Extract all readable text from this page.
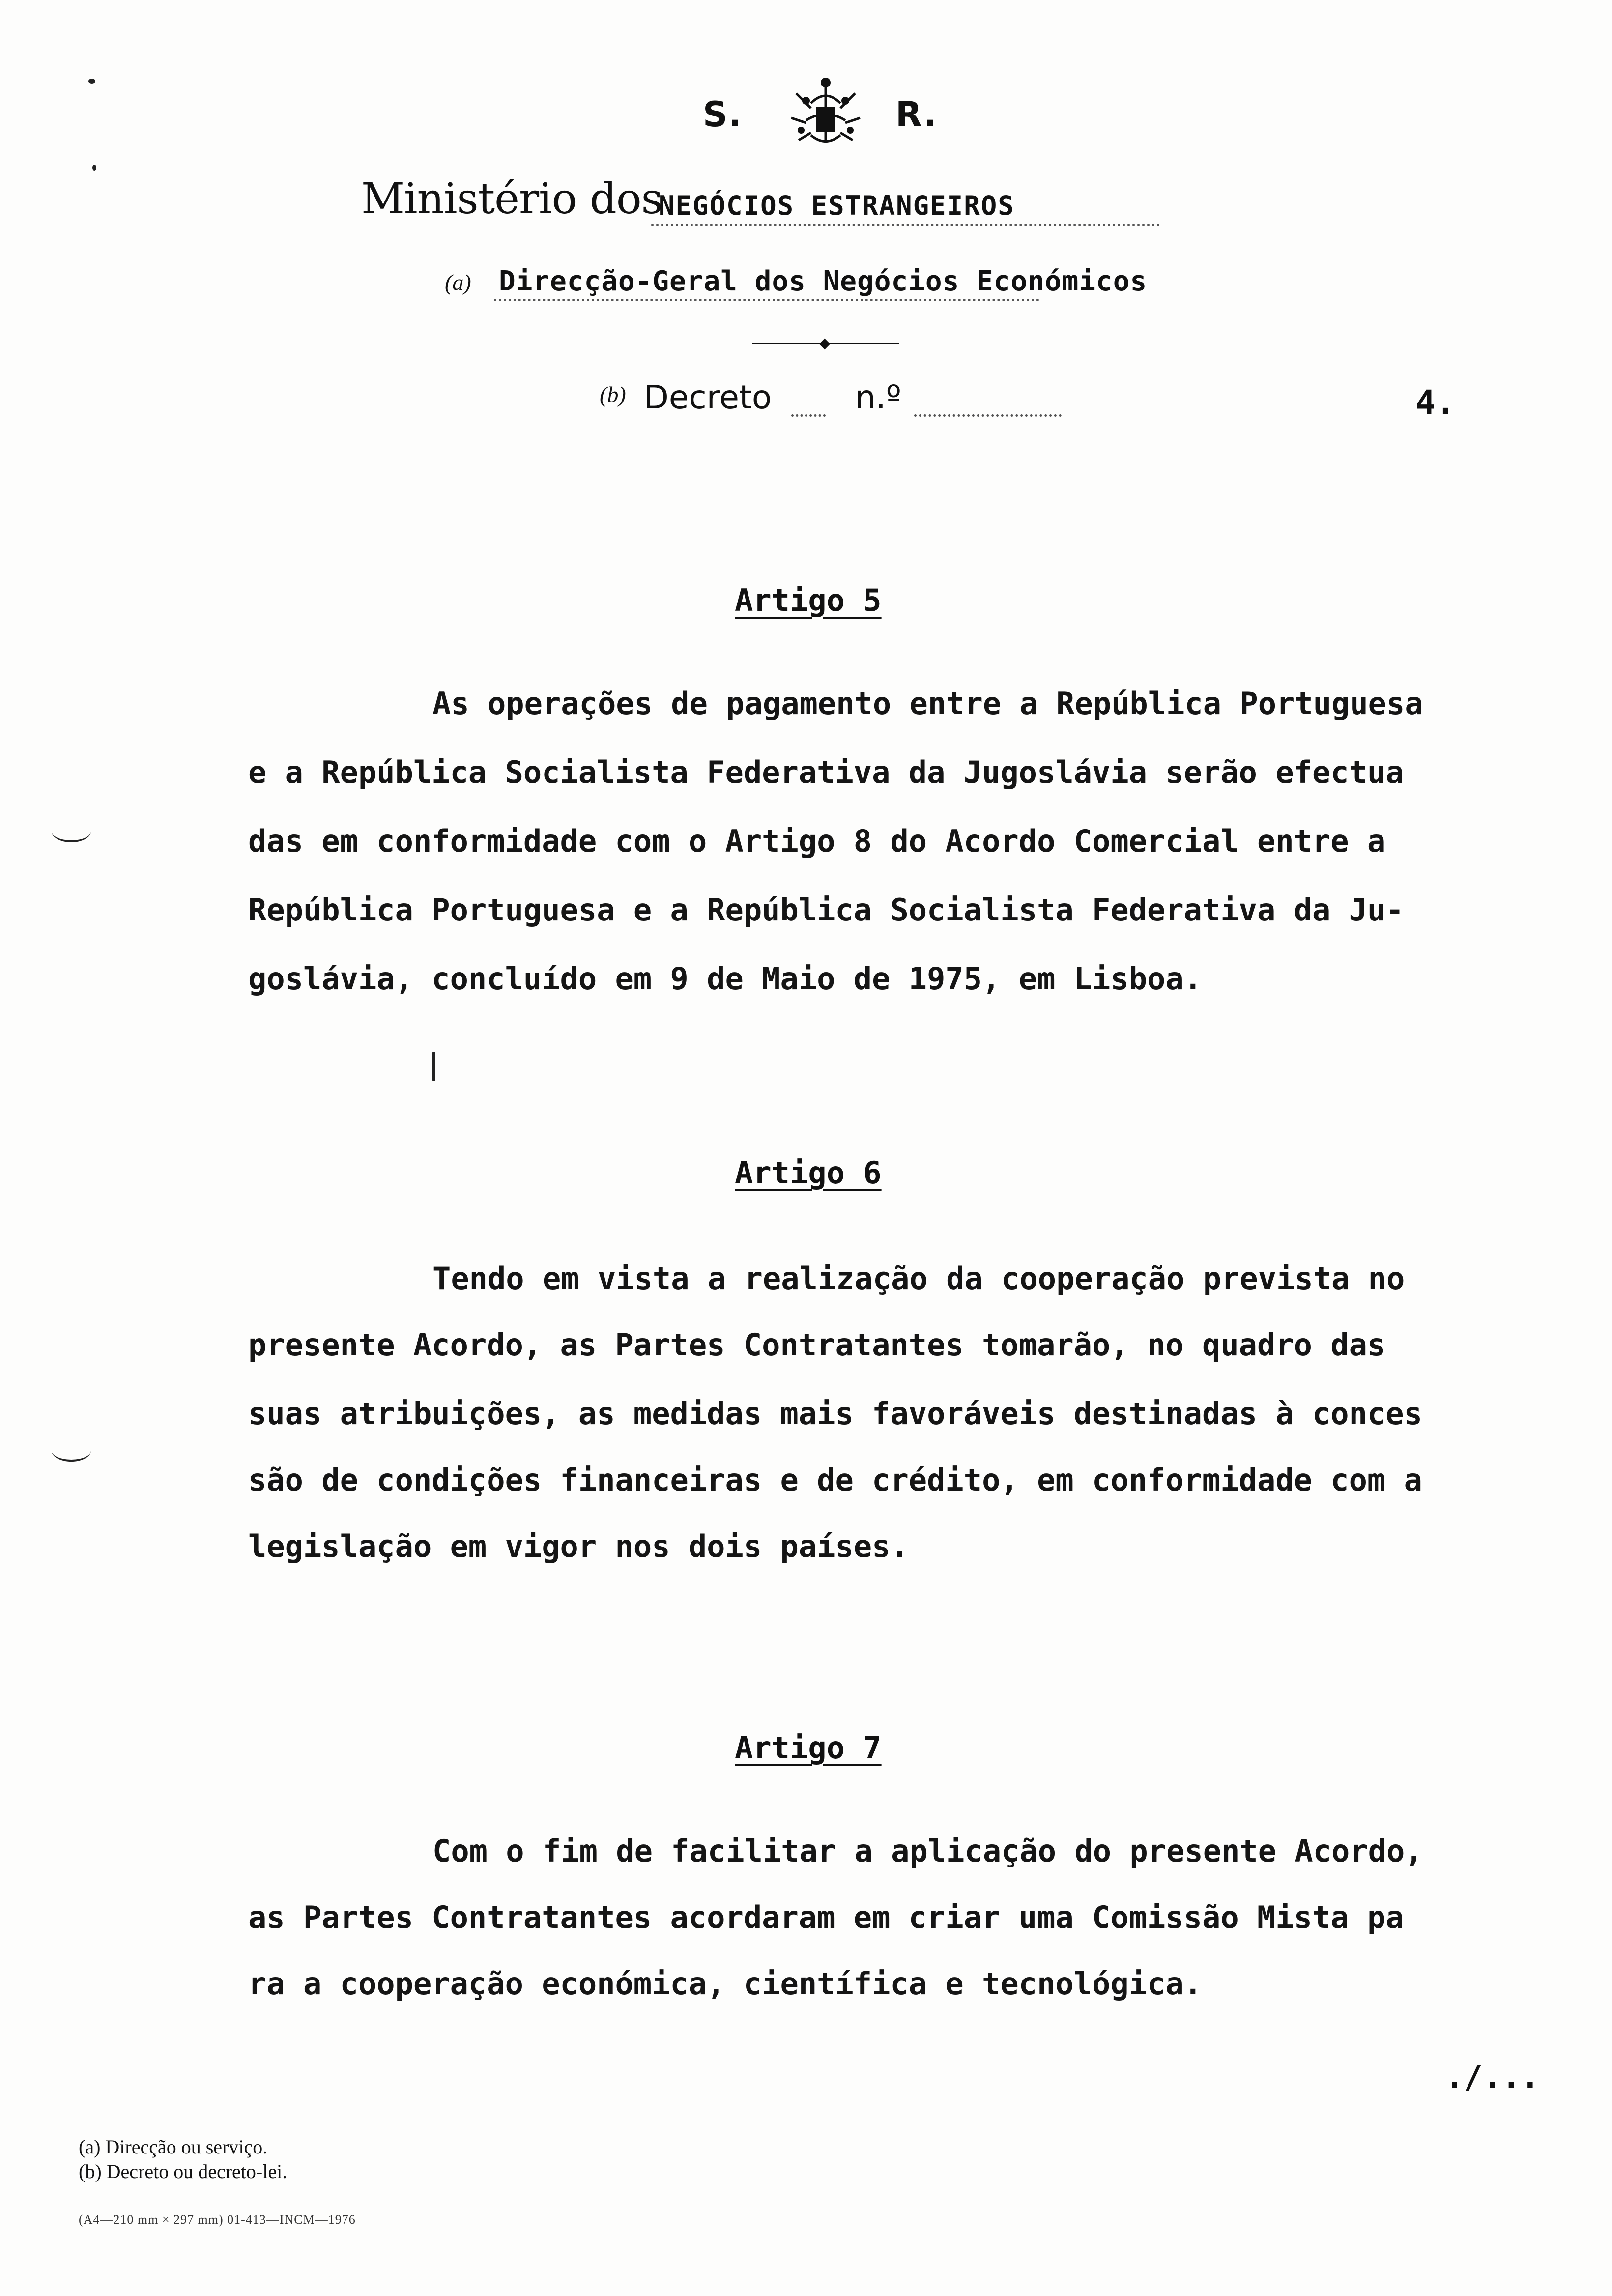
S.	R.
Ministério dos
NEGÓCIOS ESTRANGEIROS
(a) Direcção-Geral dos Negócios Económicos
(b) Decreto	n.º	4.
Artigo 5
As operações de pagamento entre a República Portuguesa
e a República Socialista Federativa da Jugoslávia serão efectua
das em conformidade com o Artigo 8 do Acordo Comercial entre a
República Portuguesa e a República Socialista Federativa da Ju-
goslávia, concluído em 9 de Maio de 1975, em Lisboa.
Artigo 6
Tendo em vista a realização da cooperação prevista no
presente Acordo, as Partes Contratantes tomarão, no quadro das
suas atribuições, as medidas mais favoráveis destinadas à conces
são de condições financeiras e de crédito, em conformidade com a
legislação em vigor nos dois países.
Artigo 7
Com o fim de facilitar a aplicação do presente Acordo,
as Partes Contratantes acordaram em criar uma Comissão Mista pa
ra a cooperação económica, científica e tecnológica.
./...
(a) Direcção ou serviço.
(b) Decreto ou decreto-lei.
(A4—210 mm × 297 mm) 01-413—INCM—1976
